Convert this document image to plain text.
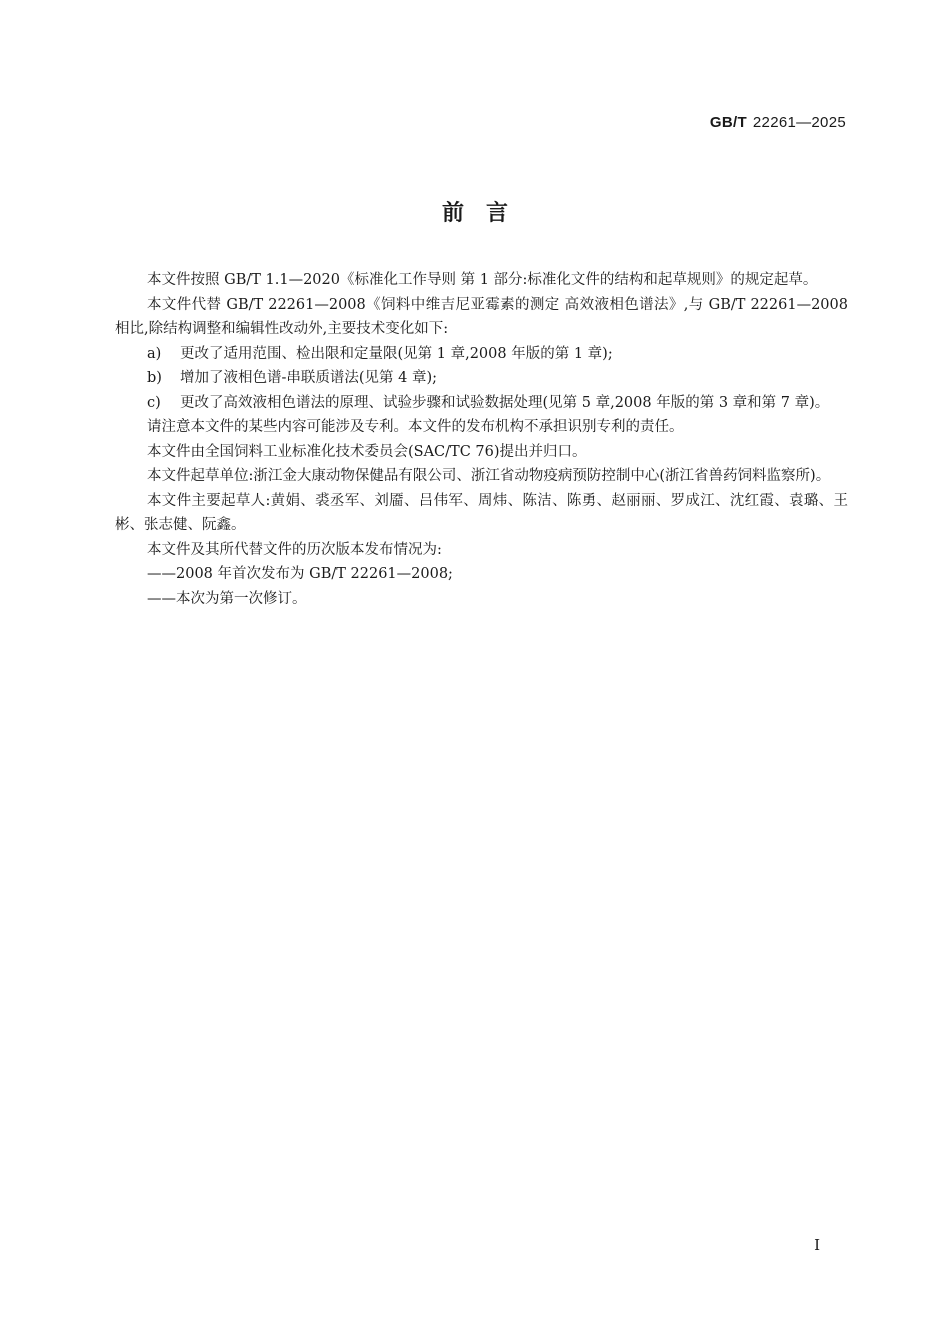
GB/T 22261—2025
前言

本文件按照 GB/T 1.1—2020《标准化工作导则 第 1 部分:标准化文件的结构和起草规则》的规定起草。

本文件代替 GB/T 22261—2008《饲料中维吉尼亚霉素的测定 高效液相色谱法》,与 GB/T 22261—2008 相比,除结构调整和编辑性改动外,主要技术变化如下:

a) 更改了适用范围、检出限和定量限(见第 1 章,2008 年版的第 1 章);
b) 增加了液相色谱-串联质谱法(见第 4 章);
c) 更改了高效液相色谱法的原理、试验步骤和试验数据处理(见第 5 章,2008 年版的第 3 章和第 7 章)。

请注意本文件的某些内容可能涉及专利。本文件的发布机构不承担识别专利的责任。

本文件由全国饲料工业标准化技术委员会(SAC/TC 76)提出并归口。

本文件起草单位:浙江金大康动物保健品有限公司、浙江省动物疫病预防控制中心(浙江省兽药饲料监察所)。

本文件主要起草人:黄娟、裘丞军、刘靥、吕伟军、周炜、陈洁、陈勇、赵丽丽、罗成江、沈红霞、袁璐、王彬、张志健、阮鑫。

本文件及其所代替文件的历次版本发布情况为:

——2008 年首次发布为 GB/T 22261—2008;

——本次为第一次修订。

I
